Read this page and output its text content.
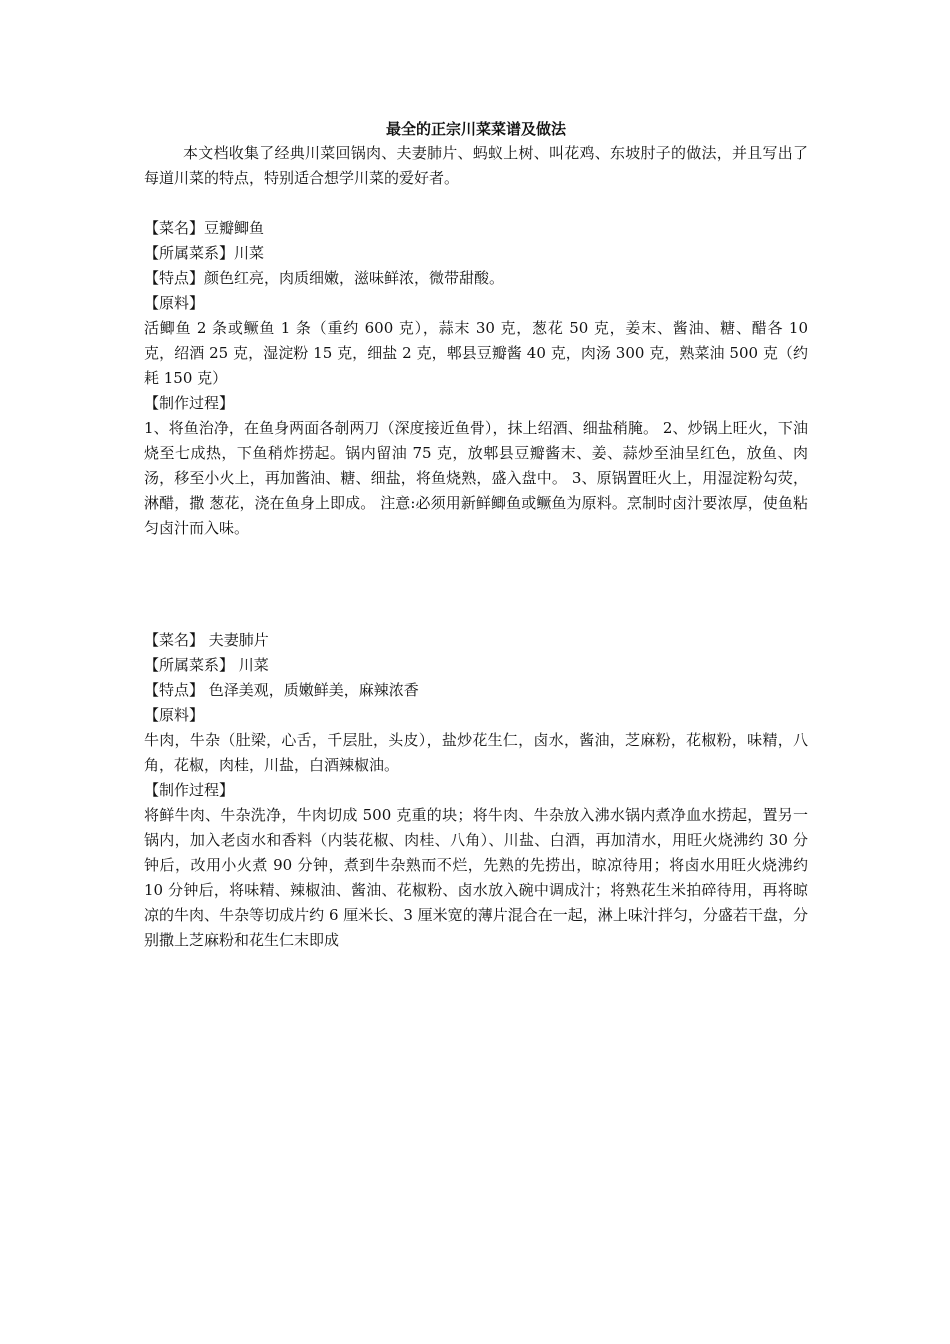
最全的正宗川菜菜谱及做法

本文档收集了经典川菜回锅肉、夫妻肺片、蚂蚁上树、叫花鸡、东坡肘子的做法，并且写出了每道川菜的特点，特别适合想学川菜的爱好者。

【菜名】豆瓣鲫鱼

【所属菜系】川菜

【特点】颜色红亮，肉质细嫩，滋味鲜浓，微带甜酸。

【原料】

活鲫鱼 2 条或鳜鱼 1 条（重约 600 克），蒜末 30 克，葱花 50 克，姜末、酱油、糖、醋各 10 克，绍酒 25 克，湿淀粉 15 克，细盐 2 克，郫县豆瓣酱 40 克，肉汤 300 克，熟菜油 500 克（约耗 150 克）

【制作过程】

1、将鱼治净，在鱼身两面各剞两刀（深度接近鱼骨），抹上绍酒、细盐稍腌。 2、炒锅上旺火，下油烧至七成热，下鱼稍炸捞起。锅内留油 75 克，放郫县豆瓣酱末、姜、蒜炒至油呈红色，放鱼、肉汤，移至小火上，再加酱油、糖、细盐，将鱼烧熟，盛入盘中。 3、原锅置旺火上，用湿淀粉勾荧，淋醋，撒 葱花，浇在鱼身上即成。 注意:必须用新鲜鲫鱼或鳜鱼为原料。烹制时卤汁要浓厚，使鱼粘匀卤汁而入味。

【菜名】 夫妻肺片

【所属菜系】 川菜

【特点】 色泽美观，质嫩鲜美，麻辣浓香

【原料】

牛肉，牛杂（肚梁，心舌，千层肚，头皮），盐炒花生仁，卤水，酱油，芝麻粉，花椒粉，味精，八角，花椒，肉桂，川盐，白酒辣椒油。

【制作过程】

将鲜牛肉、牛杂洗净，牛肉切成 500 克重的块；将牛肉、牛杂放入沸水锅内煮净血水捞起，置另一锅内，加入老卤水和香料（内装花椒、肉桂、八角）、川盐、白酒，再加清水，用旺火烧沸约 30 分钟后，改用小火煮 90 分钟，煮到牛杂熟而不烂，先熟的先捞出，晾凉待用；将卤水用旺火烧沸约 10 分钟后，将味精、辣椒油、酱油、花椒粉、卤水放入碗中调成汁；将熟花生米拍碎待用，再将晾凉的牛肉、牛杂等切成片约 6 厘米长、3 厘米宽的薄片混合在一起，淋上味汁拌匀，分盛若干盘，分别撒上芝麻粉和花生仁末即成
